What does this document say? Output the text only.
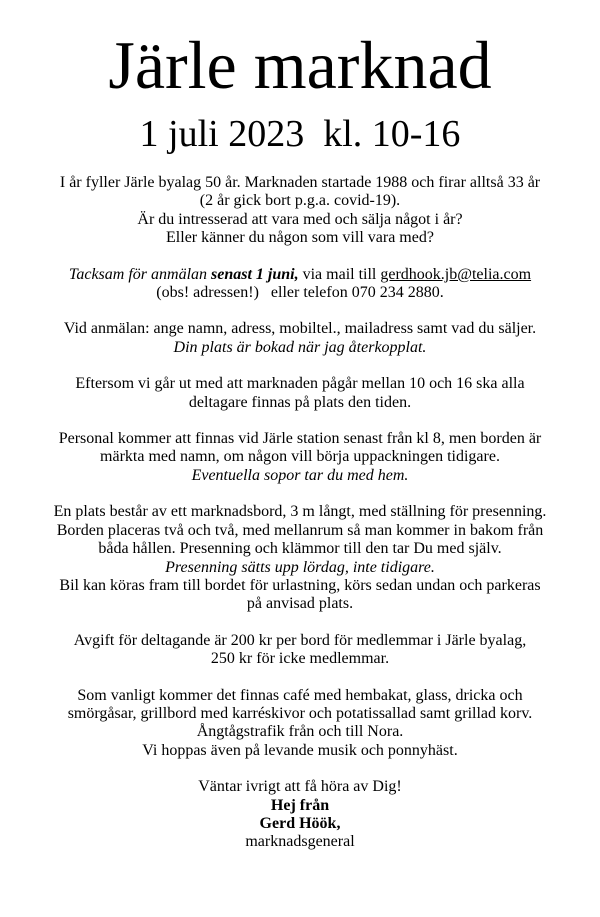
Järle marknad
1 juli 2023  kl. 10-16
I år fyller Järle byalag 50 år. Marknaden startade 1988 och firar alltså 33 år
(2 år gick bort p.g.a. covid-19).
Är du intresserad att vara med och sälja något i år?
Eller känner du någon som vill vara med?
Tacksam för anmälan senast 1 juni, via mail till gerdhook.jb@telia.com
(obs! adressen!)   eller telefon 070 234 2880.
Vid anmälan: ange namn, adress, mobiltel., mailadress samt vad du säljer.
Din plats är bokad när jag återkopplat.
Eftersom vi går ut med att marknaden pågår mellan 10 och 16 ska alla
deltagare finnas på plats den tiden.
Personal kommer att finnas vid Järle station senast från kl 8, men borden är
märkta med namn, om någon vill börja uppackningen tidigare.
Eventuella sopor tar du med hem.
En plats består av ett marknadsbord, 3 m långt, med ställning för presenning.
Borden placeras två och två, med mellanrum så man kommer in bakom från
båda hållen. Presenning och klämmor till den tar Du med själv.
Presenning sätts upp lördag, inte tidigare.
Bil kan köras fram till bordet för urlastning, körs sedan undan och parkeras
på anvisad plats.
Avgift för deltagande är 200 kr per bord för medlemmar i Järle byalag,
250 kr för icke medlemmar.
Som vanligt kommer det finnas café med hembakat, glass, dricka och
smörgåsar, grillbord med karréskivor och potatissallad samt grillad korv.
Ångtågstrafik från och till Nora.
Vi hoppas även på levande musik och ponnyhäst.
Väntar ivrigt att få höra av Dig!
Hej från
Gerd Höök,
marknadsgeneral
